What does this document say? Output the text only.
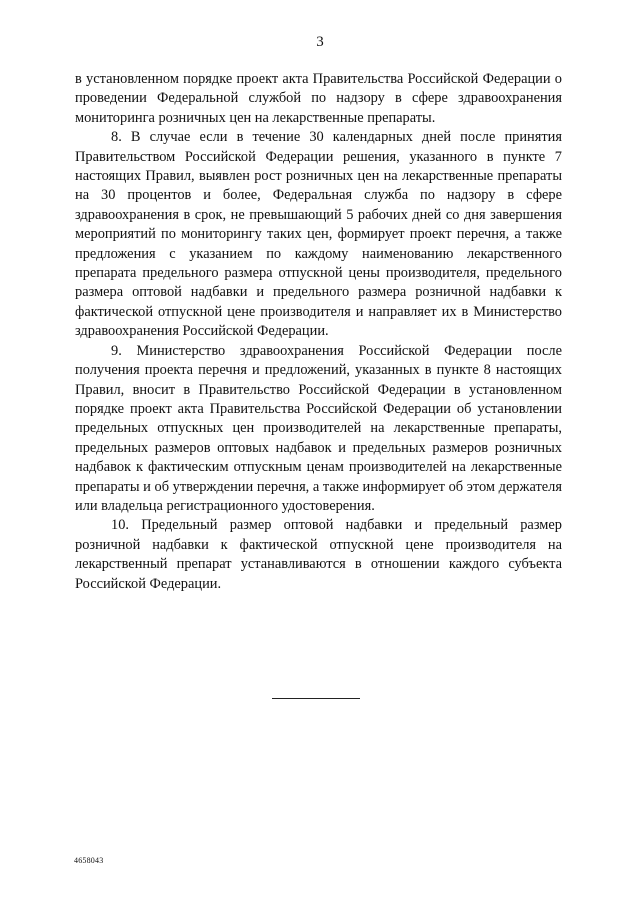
3

в установленном порядке проект акта Правительства Российской Федерации о проведении Федеральной службой по надзору в сфере здравоохранения мониторинга розничных цен на лекарственные препараты.

8. В случае если в течение 30 календарных дней после принятия Правительством Российской Федерации решения, указанного в пункте 7 настоящих Правил, выявлен рост розничных цен на лекарственные препараты на 30 процентов и более, Федеральная служба по надзору в сфере здравоохранения в срок, не превышающий 5 рабочих дней со дня завершения мероприятий по мониторингу таких цен, формирует проект перечня, а также предложения с указанием по каждому наименованию лекарственного препарата предельного размера отпускной цены производителя, предельного размера оптовой надбавки и предельного размера розничной надбавки к фактической отпускной цене производителя и направляет их в Министерство здравоохранения Российской Федерации.

9. Министерство здравоохранения Российской Федерации после получения проекта перечня и предложений, указанных в пункте 8 настоящих Правил, вносит в Правительство Российской Федерации в установленном порядке проект акта Правительства Российской Федерации об установлении предельных отпускных цен производителей на лекарственные препараты, предельных размеров оптовых надбавок и предельных размеров розничных надбавок к фактическим отпускным ценам производителей на лекарственные препараты и об утверждении перечня, а также информирует об этом держателя или владельца регистрационного удостоверения.

10. Предельный размер оптовой надбавки и предельный размер розничной надбавки к фактической отпускной цене производителя на лекарственный препарат устанавливаются в отношении каждого субъекта Российской Федерации.

4658043
